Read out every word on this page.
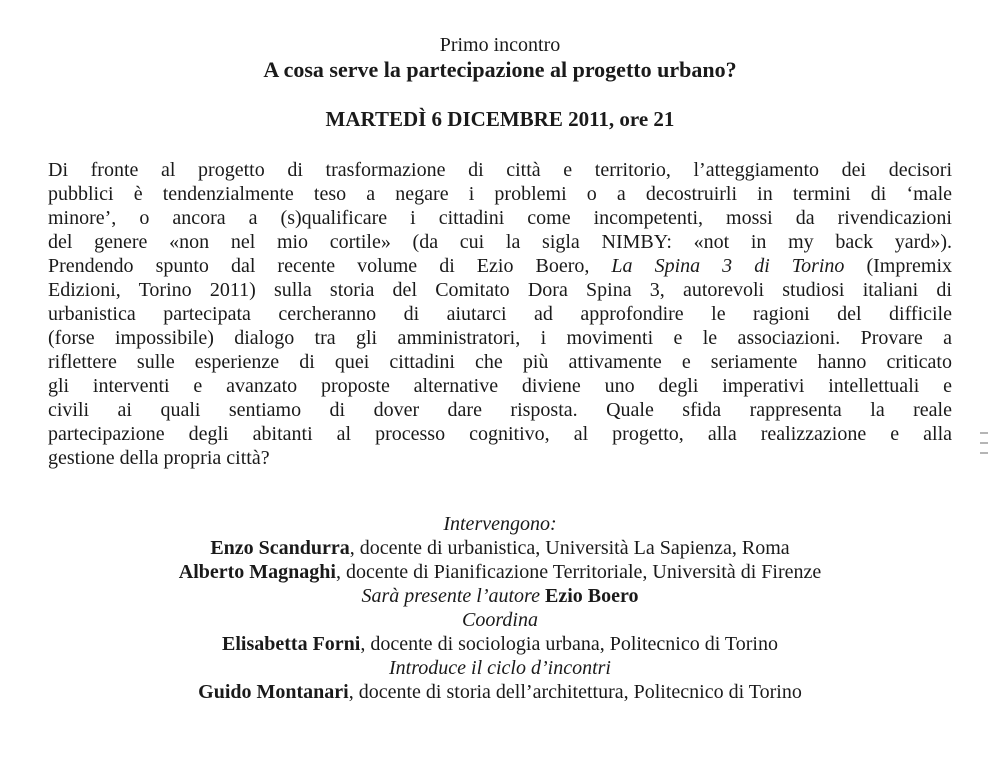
Primo incontro
A cosa serve la partecipazione al progetto urbano?
MARTEDÌ 6 DICEMBRE 2011, ore 21
Di fronte al progetto di trasformazione di città e territorio, l’atteggiamento dei decisori
pubblici è tendenzialmente teso a negare i problemi o a decostruirli in termini di ‘male
minore’, o ancora a (s)qualificare i cittadini come incompetenti, mossi da rivendicazioni
del genere «non nel mio cortile» (da cui la sigla NIMBY: «not in my back yard»).
Prendendo spunto dal recente volume di Ezio Boero, La Spina 3 di Torino (Impremix
Edizioni, Torino 2011) sulla storia del Comitato Dora Spina 3, autorevoli studiosi italiani di
urbanistica partecipata cercheranno di aiutarci ad approfondire le ragioni del difficile
(forse impossibile) dialogo tra gli amministratori, i movimenti e le associazioni. Provare a
riflettere sulle esperienze di quei cittadini che più attivamente e seriamente hanno criticato
gli interventi e avanzato proposte alternative diviene uno degli imperativi intellettuali e
civili ai quali sentiamo di dover dare risposta. Quale sfida rappresenta la reale
partecipazione degli abitanti al processo cognitivo, al progetto, alla realizzazione e alla
gestione della propria città?
Intervengono:
Enzo Scandurra, docente di urbanistica, Università La Sapienza, Roma
Alberto Magnaghi, docente di Pianificazione Territoriale, Università di Firenze
Sarà presente l’autore Ezio Boero
Coordina
Elisabetta Forni, docente di sociologia urbana, Politecnico di Torino
Introduce il ciclo d’incontri
Guido Montanari, docente di storia dell’architettura, Politecnico di Torino
